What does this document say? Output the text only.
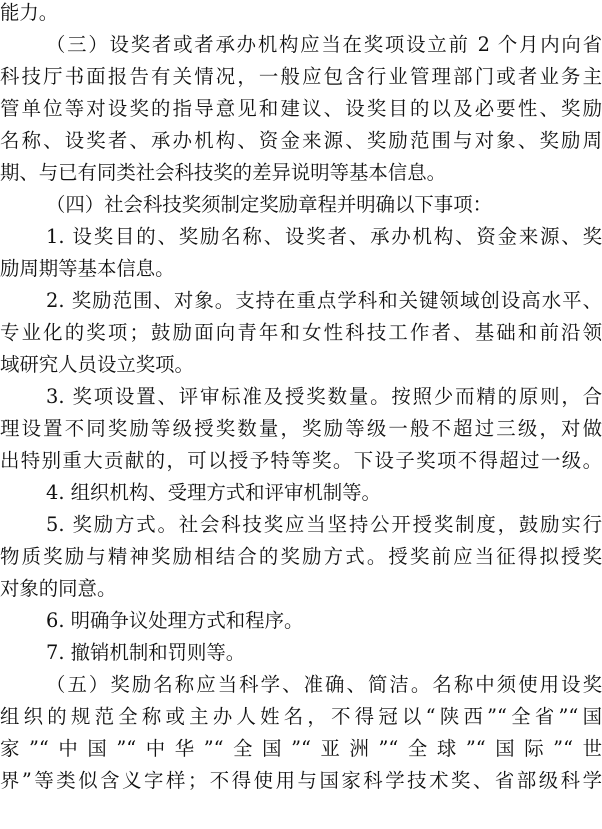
能力。
（三）设奖者或者承办机构应当在奖项设立前 2 个月内向省
科技厅书面报告有关情况，一般应包含行业管理部门或者业务主
管单位等对设奖的指导意见和建议、设奖目的以及必要性、奖励
名称、设奖者、承办机构、资金来源、奖励范围与对象、奖励周
期、与已有同类社会科技奖的差异说明等基本信息。
（四）社会科技奖须制定奖励章程并明确以下事项：
1. 设奖目的、奖励名称、设奖者、承办机构、资金来源、奖
励周期等基本信息。
2. 奖励范围、对象。支持在重点学科和关键领域创设高水平、
专业化的奖项；鼓励面向青年和女性科技工作者、基础和前沿领
域研究人员设立奖项。
3. 奖项设置、评审标准及授奖数量。按照少而精的原则，合
理设置不同奖励等级授奖数量，奖励等级一般不超过三级，对做
出特别重大贡献的，可以授予特等奖。下设子奖项不得超过一级。
4. 组织机构、受理方式和评审机制等。
5. 奖励方式。社会科技奖应当坚持公开授奖制度，鼓励实行
物质奖励与精神奖励相结合的奖励方式。授奖前应当征得拟授奖
对象的同意。
6. 明确争议处理方式和程序。
7. 撤销机制和罚则等。
（五）奖励名称应当科学、准确、简洁。名称中须使用设奖
组织的规范全称或主办人姓名，不得冠以“陕西”“全省”“国
家”“中国”“中华”“全国”“亚洲”“全球”“国际”“世
界”等类似含义字样；不得使用与国家科学技术奖、省部级科学
